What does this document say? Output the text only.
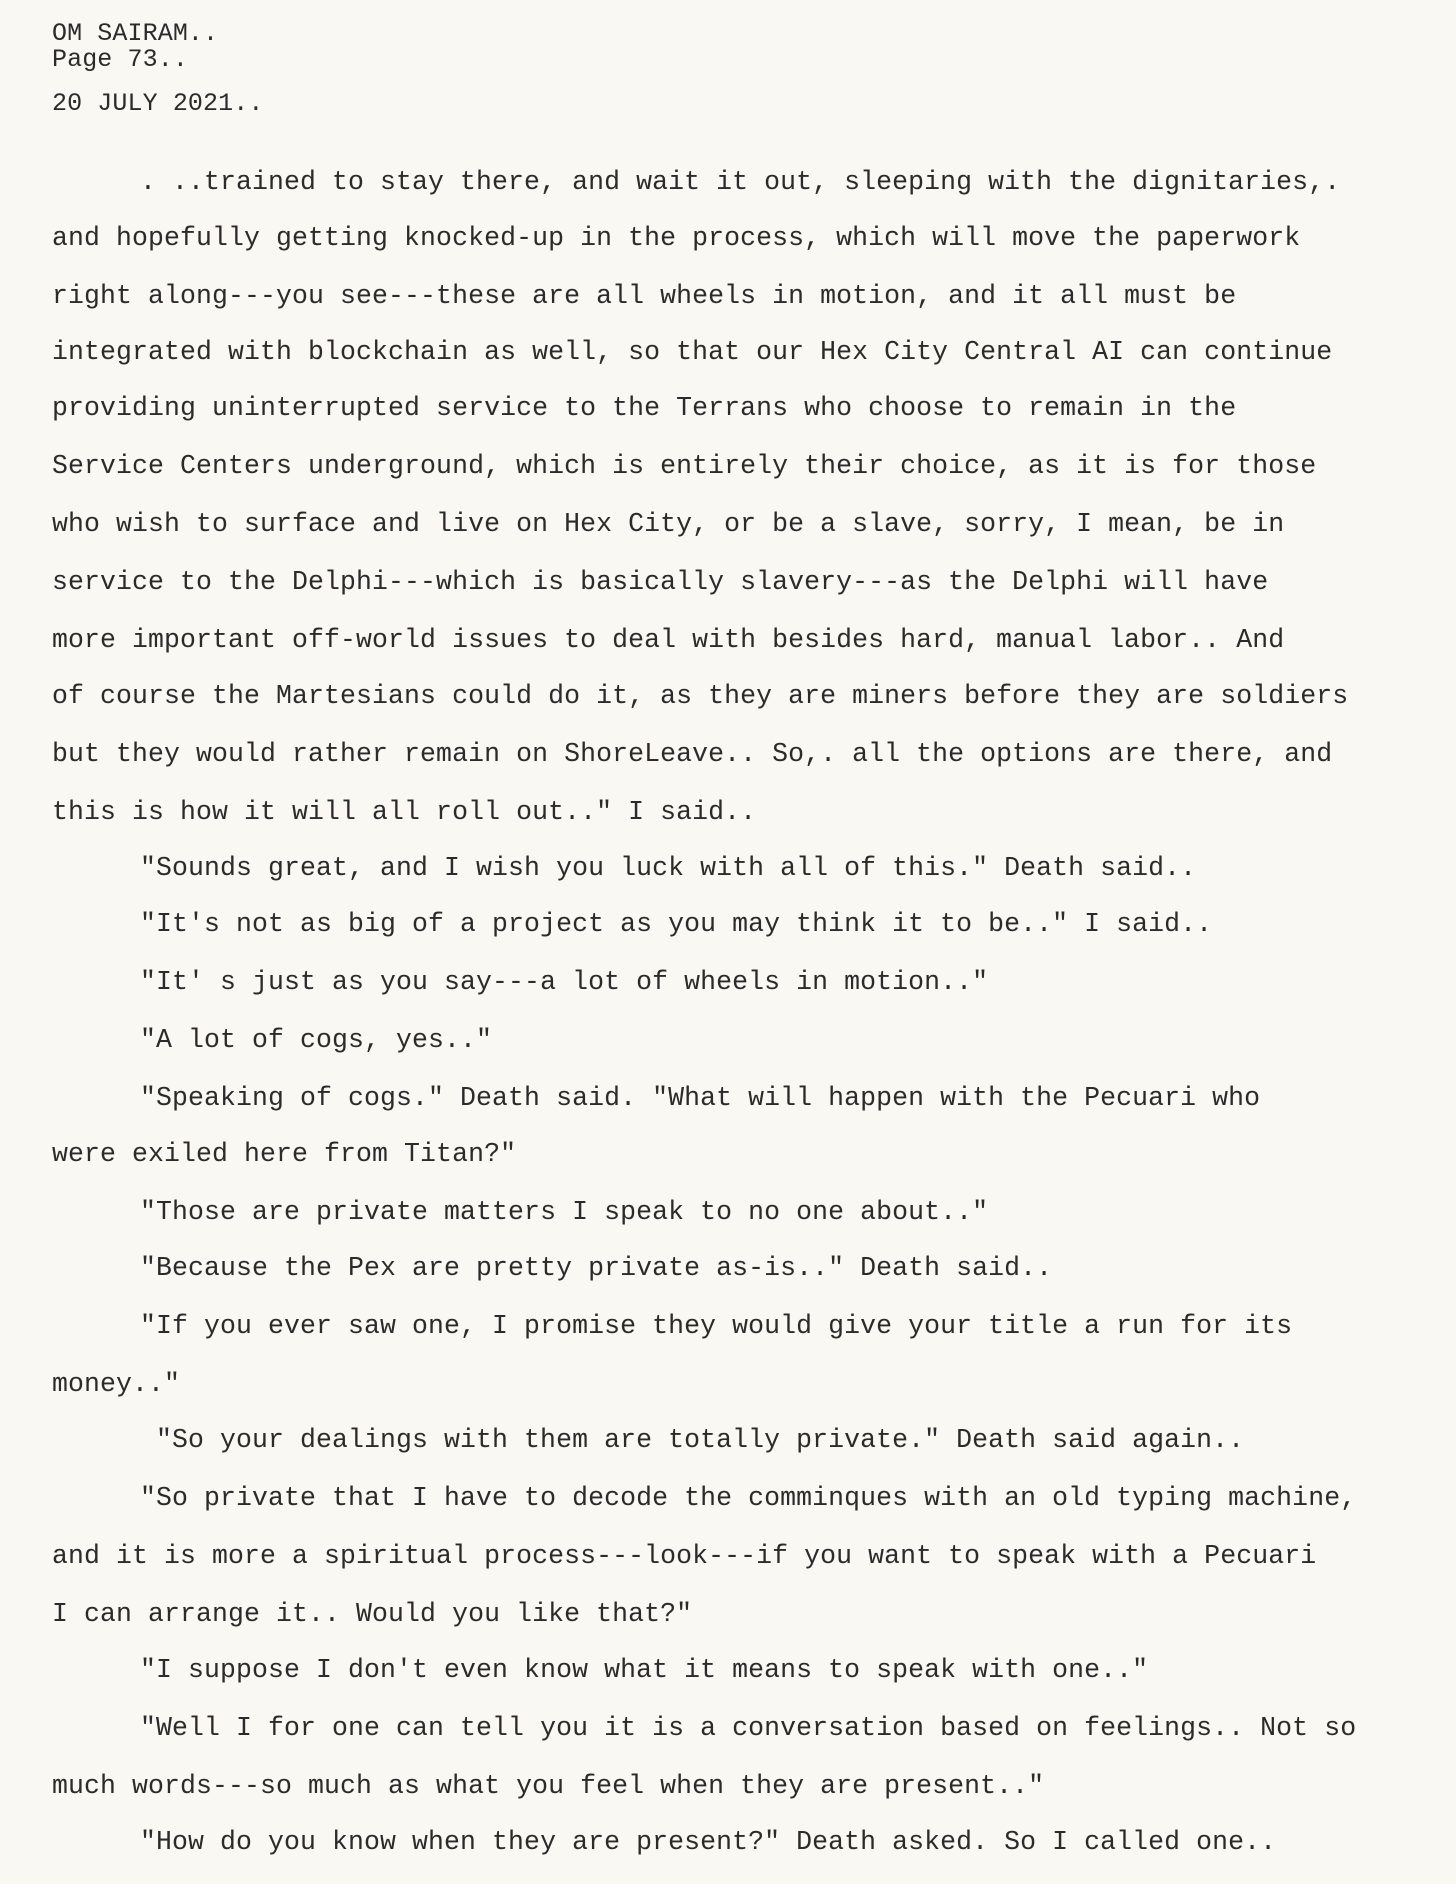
OM SAIRAM..
Page 73..
20 JULY 2021..
. ..trained to stay there, and wait it out, sleeping with the dignitaries,.
and hopefully getting knocked-up in the process, which will move the paperwork
right along---you see---these are all wheels in motion, and it all must be
integrated with blockchain as well, so that our Hex City Central AI can continue
providing uninterrupted service to the Terrans who choose to remain in the
Service Centers underground, which is entirely their choice, as it is for those
who wish to surface and live on Hex City, or be a slave, sorry, I mean, be in
service to the Delphi---which is basically slavery---as the Delphi will have
more important off-world issues to deal with besides hard, manual labor.. And
of course the Martesians could do it, as they are miners before they are soldiers
but they would rather remain on ShoreLeave.. So,. all the options are there, and
this is how it will all roll out.." I said..
"Sounds great, and I wish you luck with all of this." Death said..
"It's not as big of a project as you may think it to be.." I said..
"It' s just as you say---a lot of wheels in motion.."
"A lot of cogs, yes.."
"Speaking of cogs." Death said. "What will happen with the Pecuari who
were exiled here from Titan?"
"Those are private matters I speak to no one about.."
"Because the Pex are pretty private as-is.." Death said..
"If you ever saw one, I promise they would give your title a run for its
money.."
"So your dealings with them are totally private." Death said again..
"So private that I have to decode the comminques with an old typing machine,
and it is more a spiritual process---look---if you want to speak with a Pecuari
I can arrange it.. Would you like that?"
"I suppose I don't even know what it means to speak with one.."
"Well I for one can tell you it is a conversation based on feelings.. Not so
much words---so much as what you feel when they are present.."
"How do you know when they are present?" Death asked. So I called one..
